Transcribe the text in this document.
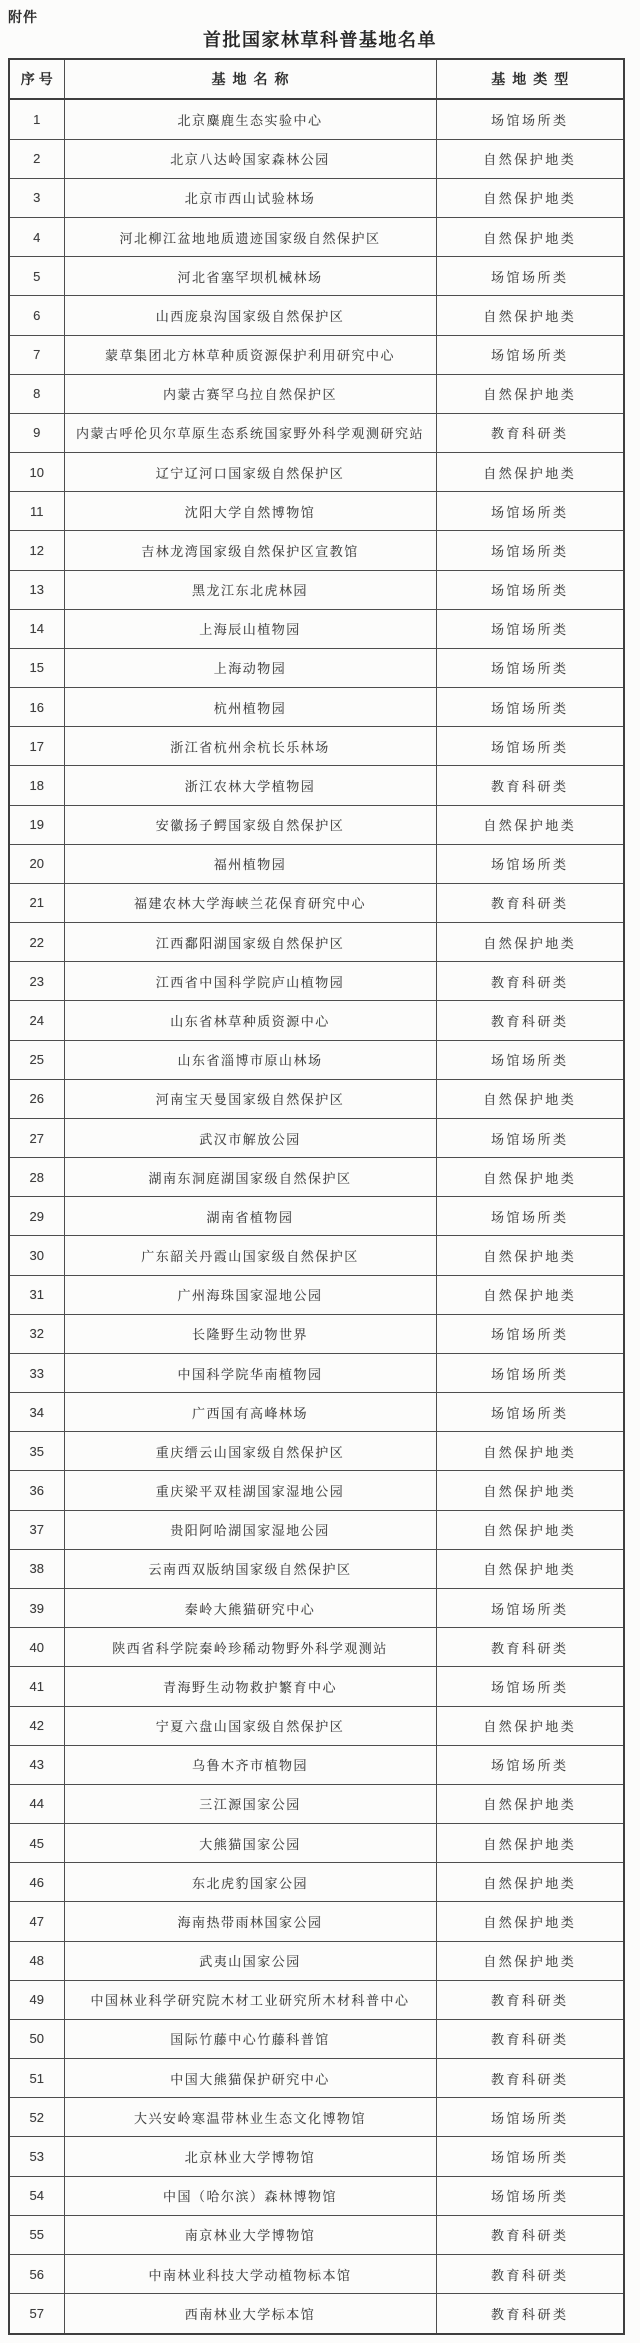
附件
首批国家林草科普基地名单
序号	基地名称	基地类型
1	北京麋鹿生态实验中心	场馆场所类
2	北京八达岭国家森林公园	自然保护地类
3	北京市西山试验林场	自然保护地类
4	河北柳江盆地地质遗迹国家级自然保护区	自然保护地类
5	河北省塞罕坝机械林场	场馆场所类
6	山西庞泉沟国家级自然保护区	自然保护地类
7	蒙草集团北方林草种质资源保护利用研究中心	场馆场所类
8	内蒙古赛罕乌拉自然保护区	自然保护地类
9	内蒙古呼伦贝尔草原生态系统国家野外科学观测研究站	教育科研类
10	辽宁辽河口国家级自然保护区	自然保护地类
11	沈阳大学自然博物馆	场馆场所类
12	吉林龙湾国家级自然保护区宣教馆	场馆场所类
13	黑龙江东北虎林园	场馆场所类
14	上海辰山植物园	场馆场所类
15	上海动物园	场馆场所类
16	杭州植物园	场馆场所类
17	浙江省杭州余杭长乐林场	场馆场所类
18	浙江农林大学植物园	教育科研类
19	安徽扬子鳄国家级自然保护区	自然保护地类
20	福州植物园	场馆场所类
21	福建农林大学海峡兰花保育研究中心	教育科研类
22	江西鄱阳湖国家级自然保护区	自然保护地类
23	江西省中国科学院庐山植物园	教育科研类
24	山东省林草种质资源中心	教育科研类
25	山东省淄博市原山林场	场馆场所类
26	河南宝天曼国家级自然保护区	自然保护地类
27	武汉市解放公园	场馆场所类
28	湖南东洞庭湖国家级自然保护区	自然保护地类
29	湖南省植物园	场馆场所类
30	广东韶关丹霞山国家级自然保护区	自然保护地类
31	广州海珠国家湿地公园	自然保护地类
32	长隆野生动物世界	场馆场所类
33	中国科学院华南植物园	场馆场所类
34	广西国有高峰林场	场馆场所类
35	重庆缙云山国家级自然保护区	自然保护地类
36	重庆梁平双桂湖国家湿地公园	自然保护地类
37	贵阳阿哈湖国家湿地公园	自然保护地类
38	云南西双版纳国家级自然保护区	自然保护地类
39	秦岭大熊猫研究中心	场馆场所类
40	陕西省科学院秦岭珍稀动物野外科学观测站	教育科研类
41	青海野生动物救护繁育中心	场馆场所类
42	宁夏六盘山国家级自然保护区	自然保护地类
43	乌鲁木齐市植物园	场馆场所类
44	三江源国家公园	自然保护地类
45	大熊猫国家公园	自然保护地类
46	东北虎豹国家公园	自然保护地类
47	海南热带雨林国家公园	自然保护地类
48	武夷山国家公园	自然保护地类
49	中国林业科学研究院木材工业研究所木材科普中心	教育科研类
50	国际竹藤中心竹藤科普馆	教育科研类
51	中国大熊猫保护研究中心	教育科研类
52	大兴安岭寒温带林业生态文化博物馆	场馆场所类
53	北京林业大学博物馆	场馆场所类
54	中国（哈尔滨）森林博物馆	场馆场所类
55	南京林业大学博物馆	教育科研类
56	中南林业科技大学动植物标本馆	教育科研类
57	西南林业大学标本馆	教育科研类
